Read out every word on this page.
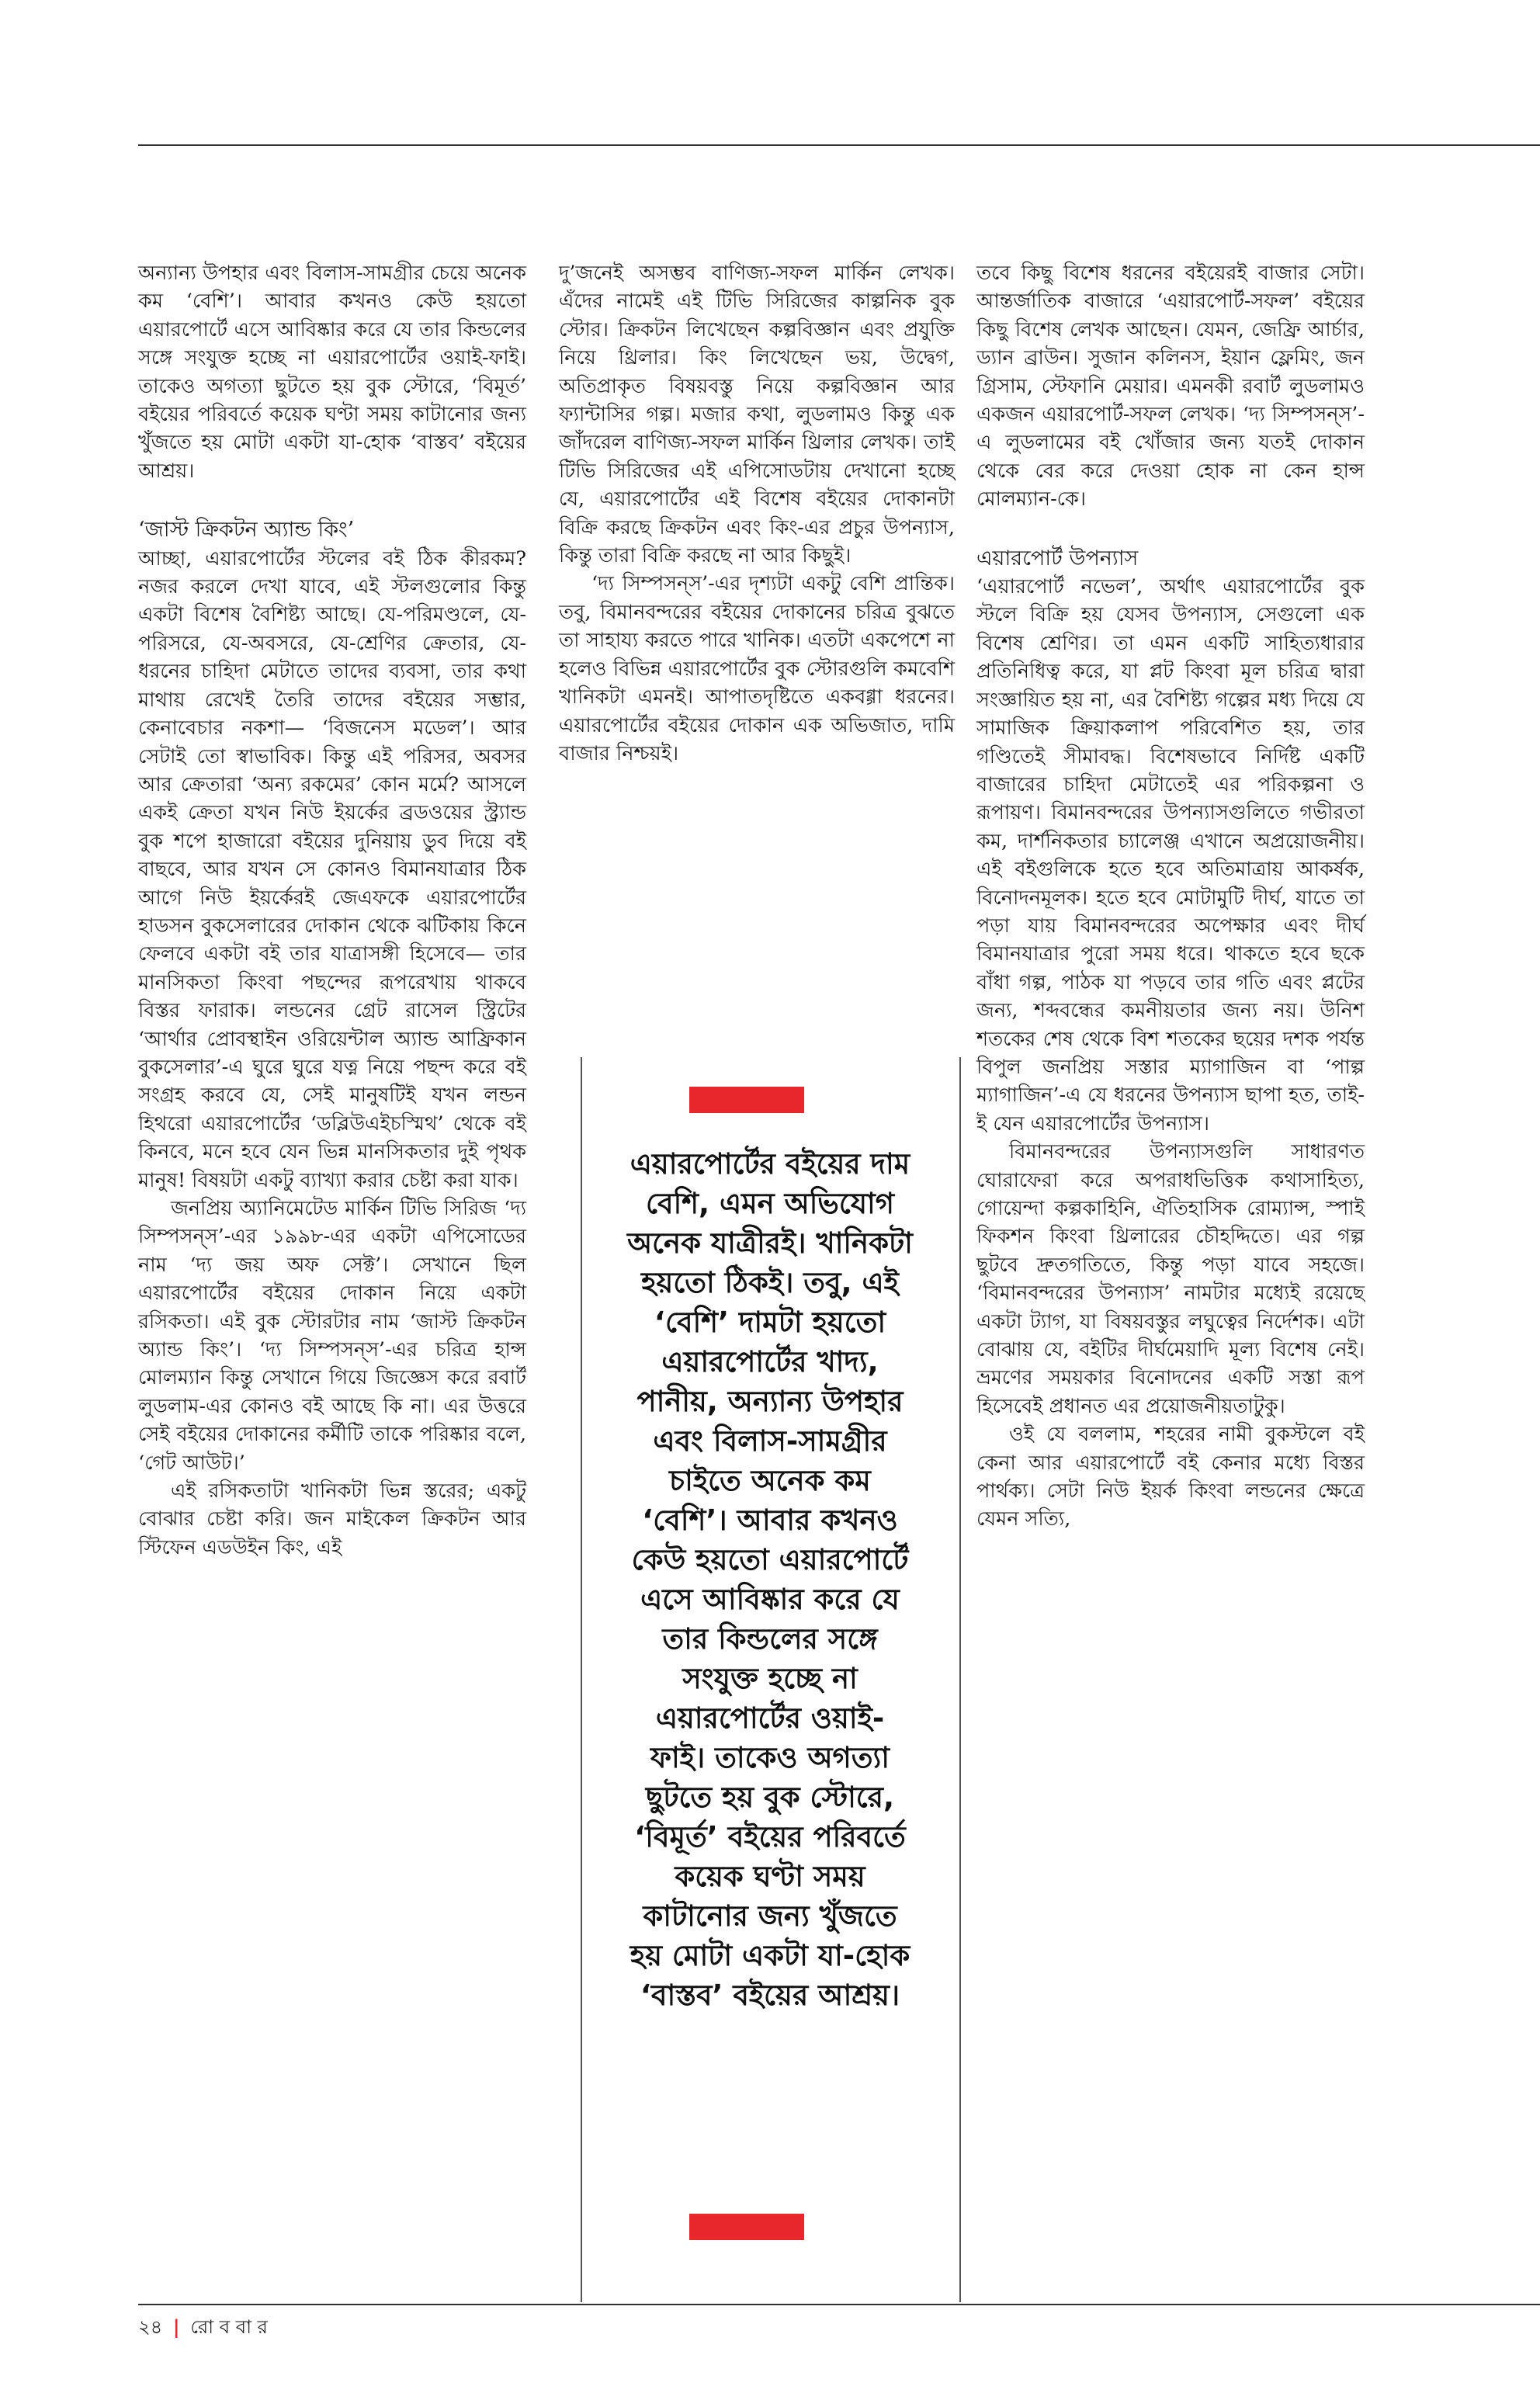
অন্যান্য উপহার এবং বিলাস-সামগ্রীর চেয়ে অনেক কম ‘বেশি’। আবার কখনও কেউ হয়তো এয়ারপোর্টে এসে আবিষ্কার করে যে তার কিন্ডলের সঙ্গে সংযুক্ত হচ্ছে না এয়ারপোর্টের ওয়াই-ফাই। তাকেও অগত্যা ছুটতে হয় বুক স্টোরে, ‘বিমূর্ত’ বইয়ের পরিবর্তে কয়েক ঘণ্টা সময় কাটানোর জন্য খুঁজতে হয় মোটা একটা যা-হোক ‘বাস্তব’ বইয়ের আশ্রয়।

‘জাস্ট ক্রিকটন অ্যান্ড কিং’

আচ্ছা, এয়ারপোর্টের স্টলের বই ঠিক কীরকম? নজর করলে দেখা যাবে, এই স্টলগুলোর কিন্তু একটা বিশেষ বৈশিষ্ট্য আছে। যে-পরিমণ্ডলে, যে-পরিসরে, যে-অবসরে, যে-শ্রেণির ক্রেতার, যে-ধরনের চাহিদা মেটাতে তাদের ব্যবসা, তার কথা মাথায় রেখেই তৈরি তাদের বইয়ের সম্ভার, কেনাবেচার নকশা— ‘বিজনেস মডেল’। আর সেটাই তো স্বাভাবিক। কিন্তু এই পরিসর, অবসর আর ক্রেতারা ‘অন্য রকমের’ কোন মর্মে? আসলে একই ক্রেতা যখন নিউ ইয়র্কের ব্রডওয়ের স্ট্র্যান্ড বুক শপে হাজারো বইয়ের দুনিয়ায় ডুব দিয়ে বই বাছবে, আর যখন সে কোনও বিমানযাত্রার ঠিক আগে নিউ ইয়র্কেরই জেএফকে এয়ারপোর্টের হাডসন বুকসেলারের দোকান থেকে ঝটিকায় কিনে ফেলবে একটা বই তার যাত্রাসঙ্গী হিসেবে— তার মানসিকতা কিংবা পছন্দের রূপরেখায় থাকবে বিস্তর ফারাক। লন্ডনের গ্রেট রাসেল স্ট্রিটের ‘আর্থার প্রোবস্থাইন ওরিয়েন্টাল অ্যান্ড আফ্রিকান বুকসেলার’-এ ঘুরে ঘুরে যত্ন নিয়ে পছন্দ করে বই সংগ্রহ করবে যে, সেই মানুষটিই যখন লন্ডন হিথরো এয়ারপোর্টের ‘ডব্লিউএইচস্মিথ’ থেকে বই কিনবে, মনে হবে যেন ভিন্ন মানসিকতার দুই পৃথক মানুষ! বিষয়টা একটু ব্যাখ্যা করার চেষ্টা করা যাক।

জনপ্রিয় অ্যানিমেটেড মার্কিন টিভি সিরিজ ‘দ্য সিম্পসন্‌স’-এর ১৯৯৮-এর একটা এপিসোডের নাম ‘দ্য জয় অফ সেক্ট’। সেখানে ছিল এয়ারপোর্টের বইয়ের দোকান নিয়ে একটা রসিকতা। এই বুক স্টোরটার নাম ‘জাস্ট ক্রিকটন অ্যান্ড কিং’। ‘দ্য সিম্পসন্‌স’-এর চরিত্র হান্স মোলম্যান কিন্তু সেখানে গিয়ে জিজ্ঞেস করে রবার্ট লুডলাম-এর কোনও বই আছে কি না। এর উত্তরে সেই বইয়ের দোকানের কর্মীটি তাকে পরিষ্কার বলে, ‘গেট আউট।’

এই রসিকতাটা খানিকটা ভিন্ন স্তরের; একটু বোঝার চেষ্টা করি। জন মাইকেল ক্রিকটন আর স্টিফেন এডউইন কিং, এই

দু’জনেই অসম্ভব বাণিজ্য-সফল মার্কিন লেখক। এঁদের নামেই এই টিভি সিরিজের কাল্পনিক বুক স্টোর। ক্রিকটন লিখেছেন কল্পবিজ্ঞান এবং প্রযুক্তি নিয়ে থ্রিলার। কিং লিখেছেন ভয়, উদ্বেগ, অতিপ্রাকৃত বিষয়বস্তু নিয়ে কল্পবিজ্ঞান আর ফ্যান্টাসির গল্প। মজার কথা, লুডলামও কিন্তু এক জাঁদরেল বাণিজ্য-সফল মার্কিন থ্রিলার লেখক। তাই টিভি সিরিজের এই এপিসোডটায় দেখানো হচ্ছে যে, এয়ারপোর্টের এই বিশেষ বইয়ের দোকানটা বিক্রি করছে ক্রিকটন এবং কিং-এর প্রচুর উপন্যাস, কিন্তু তারা বিক্রি করছে না আর কিছুই।

‘দ্য সিম্পসন্‌স’-এর দৃশ্যটা একটু বেশি প্রান্তিক। তবু, বিমানবন্দরের বইয়ের দোকানের চরিত্র বুঝতে তা সাহায্য করতে পারে খানিক। এতটা একপেশে না হলেও বিভিন্ন এয়ারপোর্টের বুক স্টোরগুলি কমবেশি খানিকটা এমনই। আপাতদৃষ্টিতে একবগ্গা ধরনের। এয়ারপোর্টের বইয়ের দোকান এক অভিজাত, দামি বাজার নিশ্চয়ই।

এয়ারপোর্টের বইয়ের দাম

বেশি, এমন অভিযোগ

অনেক যাত্রীরই। খানিকটা

হয়তো ঠিকই। তবু, এই

‘বেশি’ দামটা হয়তো

এয়ারপোর্টের খাদ্য,

পানীয়, অন্যান্য উপহার

এবং বিলাস-সামগ্রীর

চাইতে অনেক কম

‘বেশি’। আবার কখনও

কেউ হয়তো এয়ারপোর্টে

এসে আবিষ্কার করে যে

তার কিন্ডলের সঙ্গে

সংযুক্ত হচ্ছে না

এয়ারপোর্টের ওয়াই-

ফাই। তাকেও অগত্যা

ছুটতে হয় বুক স্টোরে,

‘বিমূর্ত’ বইয়ের পরিবর্তে

কয়েক ঘণ্টা সময়

কাটানোর জন্য খুঁজতে

হয় মোটা একটা যা-হোক

‘বাস্তব’ বইয়ের আশ্রয়।

তবে কিছু বিশেষ ধরনের বইয়েরই বাজার সেটা। আন্তর্জাতিক বাজারে ‘এয়ারপোর্ট-সফল’ বইয়ের কিছু বিশেষ লেখক আছেন। যেমন, জেফ্রি আর্চার, ড্যান ব্রাউন। সুজান কলিনস, ইয়ান ফ্লেমিং, জন গ্রিসাম, স্টেফানি মেয়ার। এমনকী রবার্ট লুডলামও একজন এয়ারপোর্ট-সফল লেখক। ‘দ্য সিম্পসন্‌স’-এ লুডলামের বই খোঁজার জন্য যতই দোকান থেকে বের করে দেওয়া হোক না কেন হান্স মোলম্যান-কে।

এয়ারপোর্ট উপন্যাস

‘এয়ারপোর্ট নভেল’, অর্থাৎ এয়ারপোর্টের বুক স্টলে বিক্রি হয় যেসব উপন্যাস, সেগুলো এক বিশেষ শ্রেণির। তা এমন একটি সাহিত্যধারার প্রতিনিধিত্ব করে, যা প্লট কিংবা মূল চরিত্র দ্বারা সংজ্ঞায়িত হয় না, এর বৈশিষ্ট্য গল্পের মধ্য দিয়ে যে সামাজিক ক্রিয়াকলাপ পরিবেশিত হয়, তার গণ্ডিতেই সীমাবদ্ধ। বিশেষভাবে নির্দিষ্ট একটি বাজারের চাহিদা মেটাতেই এর পরিকল্পনা ও রূপায়ণ। বিমানবন্দরের উপন্যাসগুলিতে গভীরতা কম, দার্শনিকতার চ্যালেঞ্জ এখানে অপ্রয়োজনীয়। এই বইগুলিকে হতে হবে অতিমাত্রায় আকর্ষক, বিনোদনমূলক। হতে হবে মোটামুটি দীর্ঘ, যাতে তা পড়া যায় বিমানবন্দরের অপেক্ষার এবং দীর্ঘ বিমানযাত্রার পুরো সময় ধরে। থাকতে হবে ছকে বাঁধা গল্প, পাঠক যা পড়বে তার গতি এবং প্লটের জন্য, শব্দবন্ধের কমনীয়তার জন্য নয়। উনিশ শতকের শেষ থেকে বিশ শতকের ছয়ের দশক পর্যন্ত বিপুল জনপ্রিয় সস্তার ম্যাগাজিন বা ‘পাল্প ম্যাগাজিন’-এ যে ধরনের উপন্যাস ছাপা হত, তাই-ই যেন এয়ারপোর্টের উপন্যাস।

বিমানবন্দরের উপন্যাসগুলি সাধারণত ঘোরাফেরা করে অপরাধভিত্তিক কথাসাহিত্য, গোয়েন্দা কল্পকাহিনি, ঐতিহাসিক রোম্যান্স, স্পাই ফিকশন কিংবা থ্রিলারের চৌহদ্দিতে। এর গল্প ছুটবে দ্রুতগতিতে, কিন্তু পড়া যাবে সহজে। ‘বিমানবন্দরের উপন্যাস’ নামটার মধ্যেই রয়েছে একটা ট্যাগ, যা বিষয়বস্তুর লঘুত্বের নির্দেশক। এটা বোঝায় যে, বইটির দীর্ঘমেয়াদি মূল্য বিশেষ নেই। ভ্রমণের সময়কার বিনোদনের একটি সস্তা রূপ হিসেবেই প্রধানত এর প্রয়োজনীয়তাটুকু।

ওই যে বললাম, শহরের নামী বুকস্টলে বই কেনা আর এয়ারপোর্টে বই কেনার মধ্যে বিস্তর পার্থক্য। সেটা নিউ ইয়র্ক কিংবা লন্ডনের ক্ষেত্রে যেমন সত্যি,

২৪ | রো ব বা র
